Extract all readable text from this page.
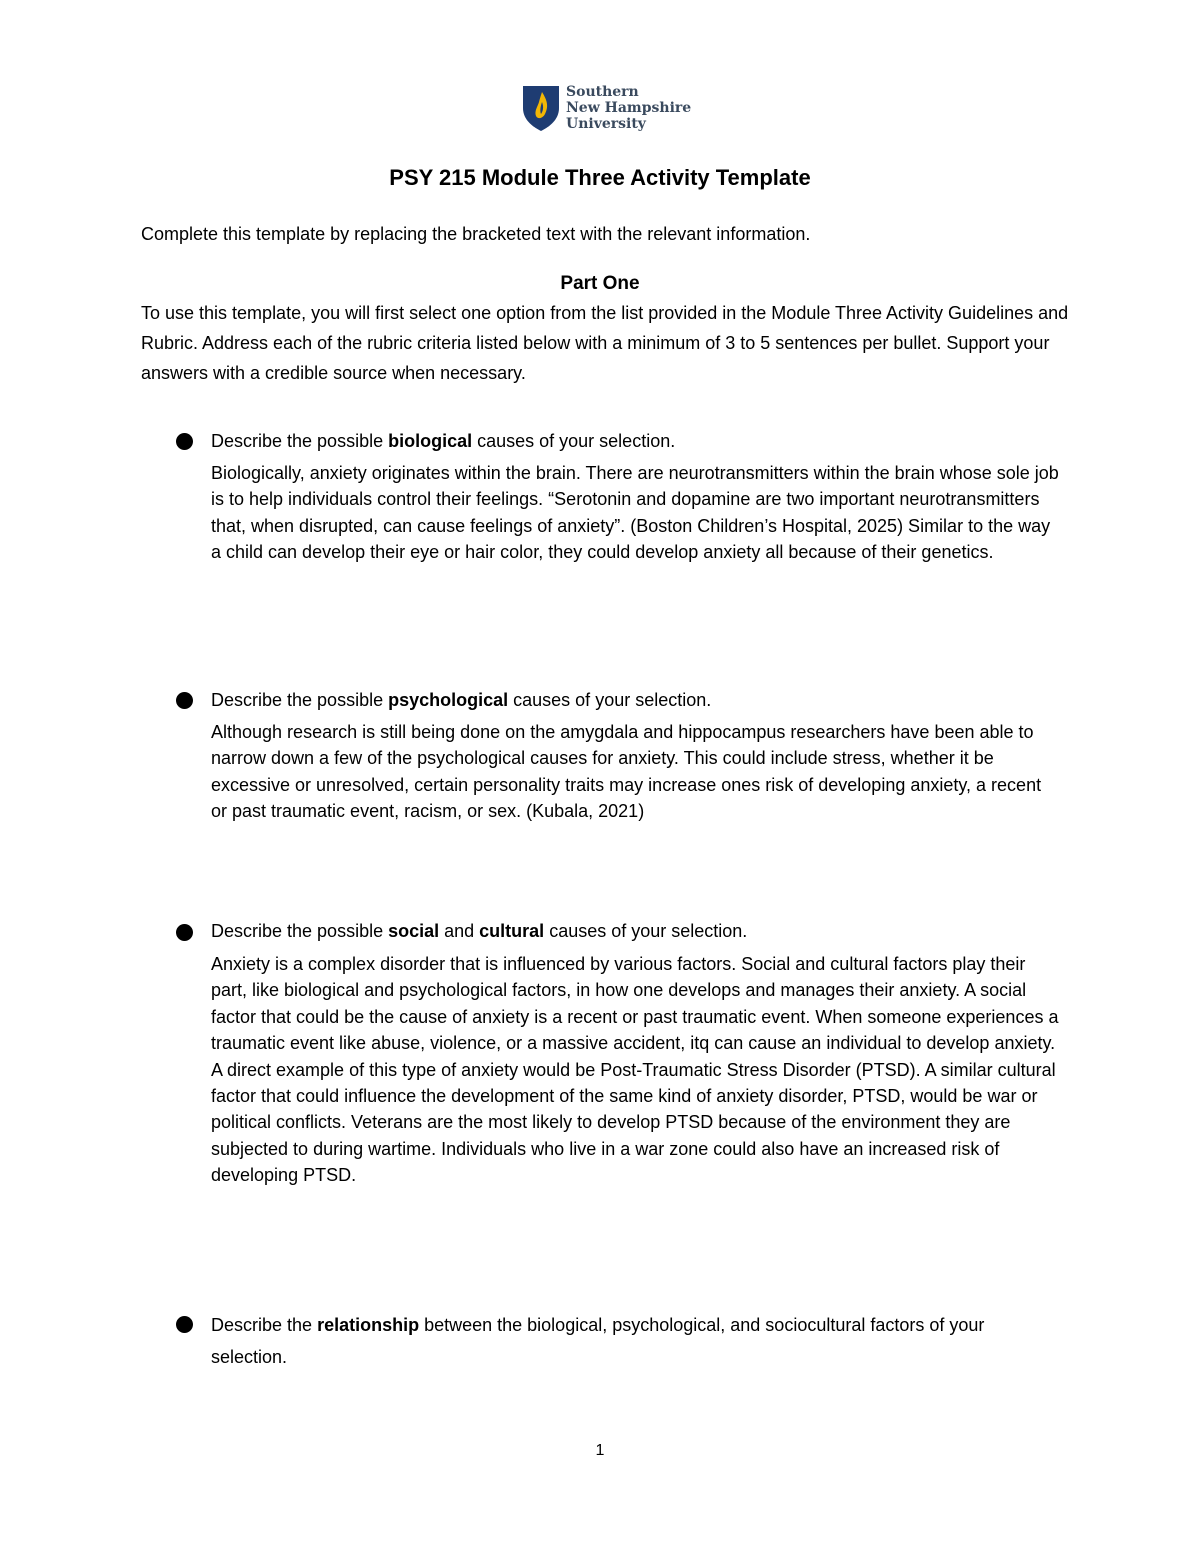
Southern
New Hampshire
University
PSY 215 Module Three Activity Template
Complete this template by replacing the bracketed text with the relevant information.
Part One
To use this template, you will first select one option from the list provided in the Module Three Activity Guidelines and Rubric. Address each of the rubric criteria listed below with a minimum of 3 to 5 sentences per bullet. Support your answers with a credible source when necessary.
Describe the possible biological causes of your selection.
Biologically, anxiety originates within the brain. There are neurotransmitters within the brain whose sole job is to help individuals control their feelings. “Serotonin and dopamine are two important neurotransmitters that, when disrupted, can cause feelings of anxiety”. (Boston Children’s Hospital, 2025) Similar to the way a child can develop their eye or hair color, they could develop anxiety all because of their genetics.
Describe the possible psychological causes of your selection.
Although research is still being done on the amygdala and hippocampus researchers have been able to narrow down a few of the psychological causes for anxiety. This could include stress, whether it be excessive or unresolved, certain personality traits may increase ones risk of developing anxiety, a recent or past traumatic event, racism, or sex. (Kubala, 2021)
Describe the possible social and cultural causes of your selection.
Anxiety is a complex disorder that is influenced by various factors. Social and cultural factors play their part, like biological and psychological factors, in how one develops and manages their anxiety. A social factor that could be the cause of anxiety is a recent or past traumatic event. When someone experiences a traumatic event like abuse, violence, or a massive accident, itq can cause an individual to develop anxiety. A direct example of this type of anxiety would be Post-Traumatic Stress Disorder (PTSD). A similar cultural factor that could influence the development of the same kind of anxiety disorder, PTSD, would be war or political conflicts. Veterans are the most likely to develop PTSD because of the environment they are subjected to during wartime. Individuals who live in a war zone could also have an increased risk of developing PTSD.
Describe the relationship between the biological, psychological, and sociocultural factors of your selection.
1
